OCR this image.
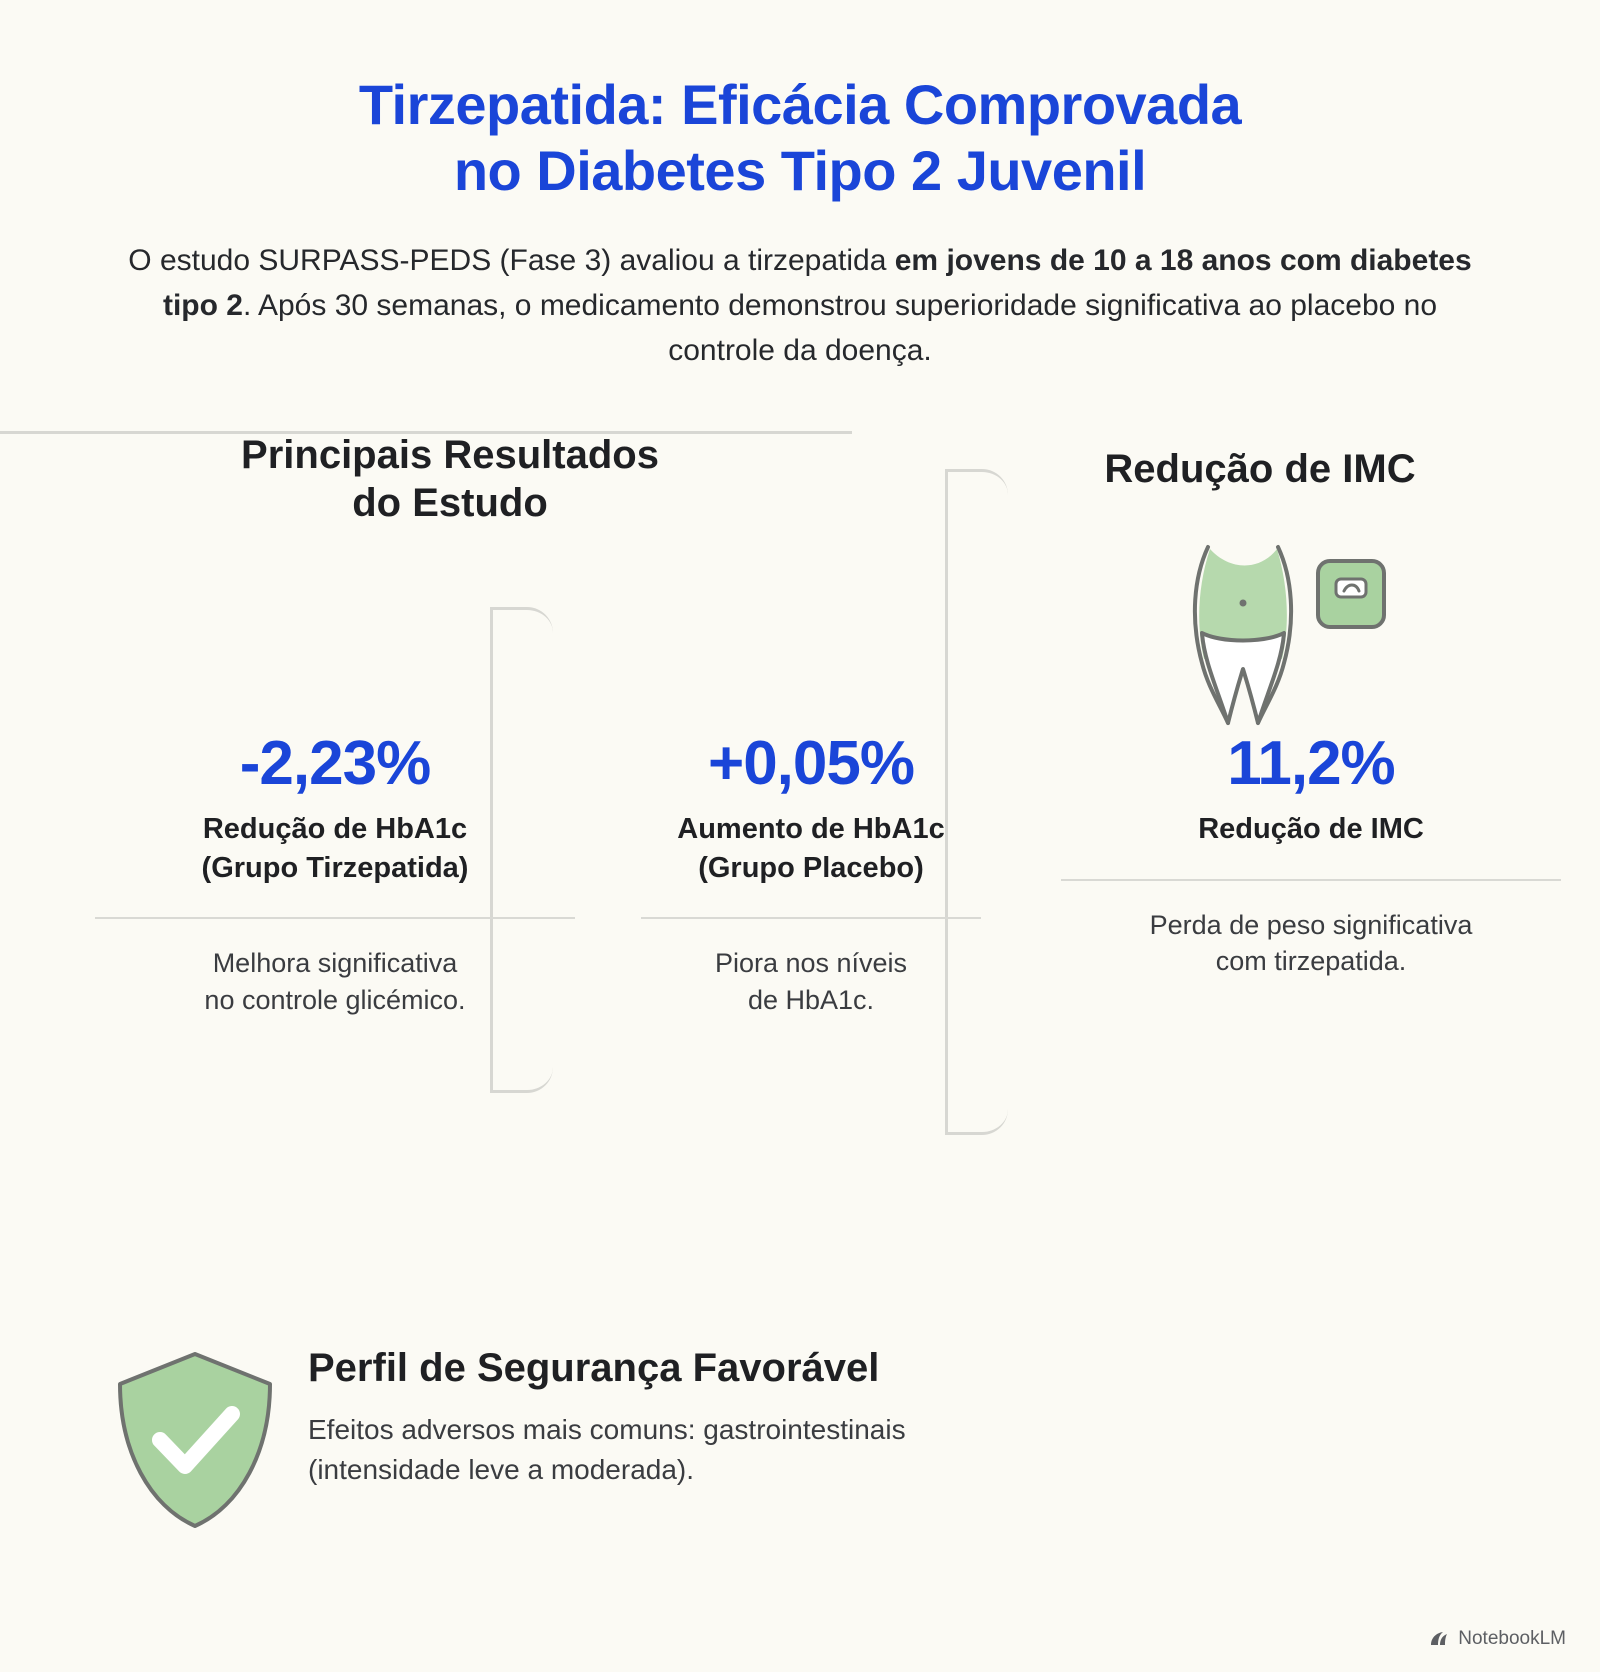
Tirzepatida: Eficácia Comprovada
no Diabetes Tipo 2 Juvenil
O estudo SURPASS-PEDS (Fase 3) avaliou a tirzepatida em jovens de 10 a 18 anos com diabetes tipo 2. Após 30 semanas, o medicamento demonstrou superioridade significativa ao placebo no controle da doença.
Principais Resultados
do Estudo
Redução de IMC
-2,23%
Redução de HbA1c
(Grupo Tirzepatida)
Melhora significativa
no controle glicémico.
+0,05%
Aumento de HbA1c
(Grupo Placebo)
Piora nos níveis
de HbA1c.
11,2%
Redução de IMC
Perda de peso significativa
com tirzepatida.
Perfil de Segurança Favorável
Efeitos adversos mais comuns: gastrointestinais
(intensidade leve a moderada).
NotebookLM
